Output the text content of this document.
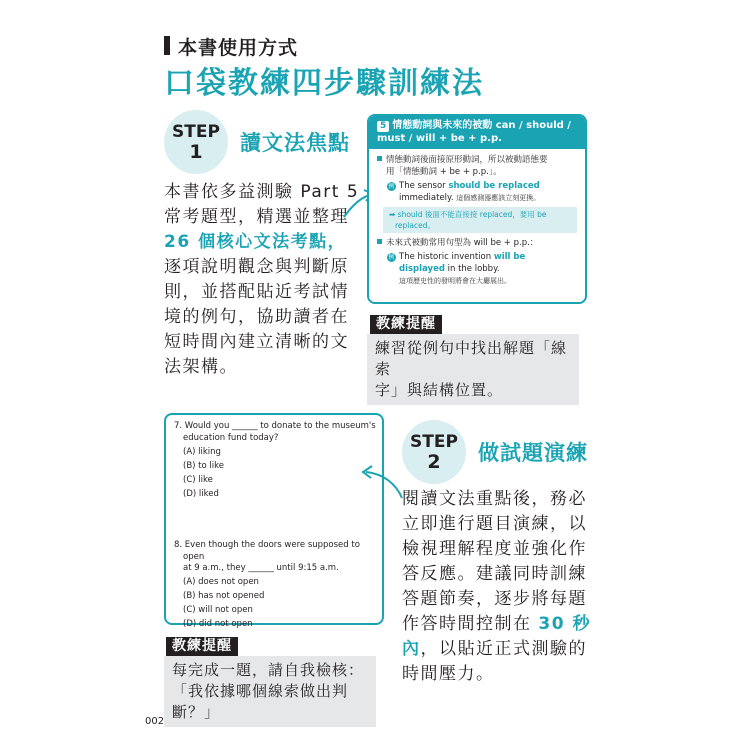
本書使用方式
口袋教練四步驟訓練法
STEP
1	讀文法焦點
本書依多益測驗 Part 5
常考題型，精選並整理
26 個核心文法考點，
逐項說明觀念與判斷原
則，並搭配貼近考試情
境的例句，協助讀者在
短時間內建立清晰的文
法架構。
5 情態動詞與未來的被動 can / should /
must / will + be + p.p.
情態動詞後面接原形動詞，所以被動語態要
用「情態動詞 + be + p.p.」。
例 The sensor should be replaced
immediately. 這個感測器應該立刻更換。
➡ should 後面不能直接接 replaced，要用 be
replaced。
未來式被動常用句型為 will be + p.p.：
例 The historic invention will be
displayed in the lobby.
這項歷史性的發明將會在大廳展出。
教練提醒
練習從例句中找出解題「線索
字」與結構位置。
7. Would you ______ to donate to the museum's
education fund today?
(A) liking
(B) to like
(C) like
(D) liked
8. Even though the doors were supposed to open
at 9 a.m., they ______ until 9:15 a.m.
(A) does not open
(B) has not opened
(C) will not open
(D) did not open
教練提醒
每完成一題，請自我檢核：
「我依據哪個線索做出判斷？」
STEP
2	做試題演練
閱讀文法重點後，務必
立即進行題目演練，以
檢視理解程度並強化作
答反應。建議同時訓練
答題節奏，逐步將每題
作答時間控制在 30 秒
內，以貼近正式測驗的
時間壓力。
002
